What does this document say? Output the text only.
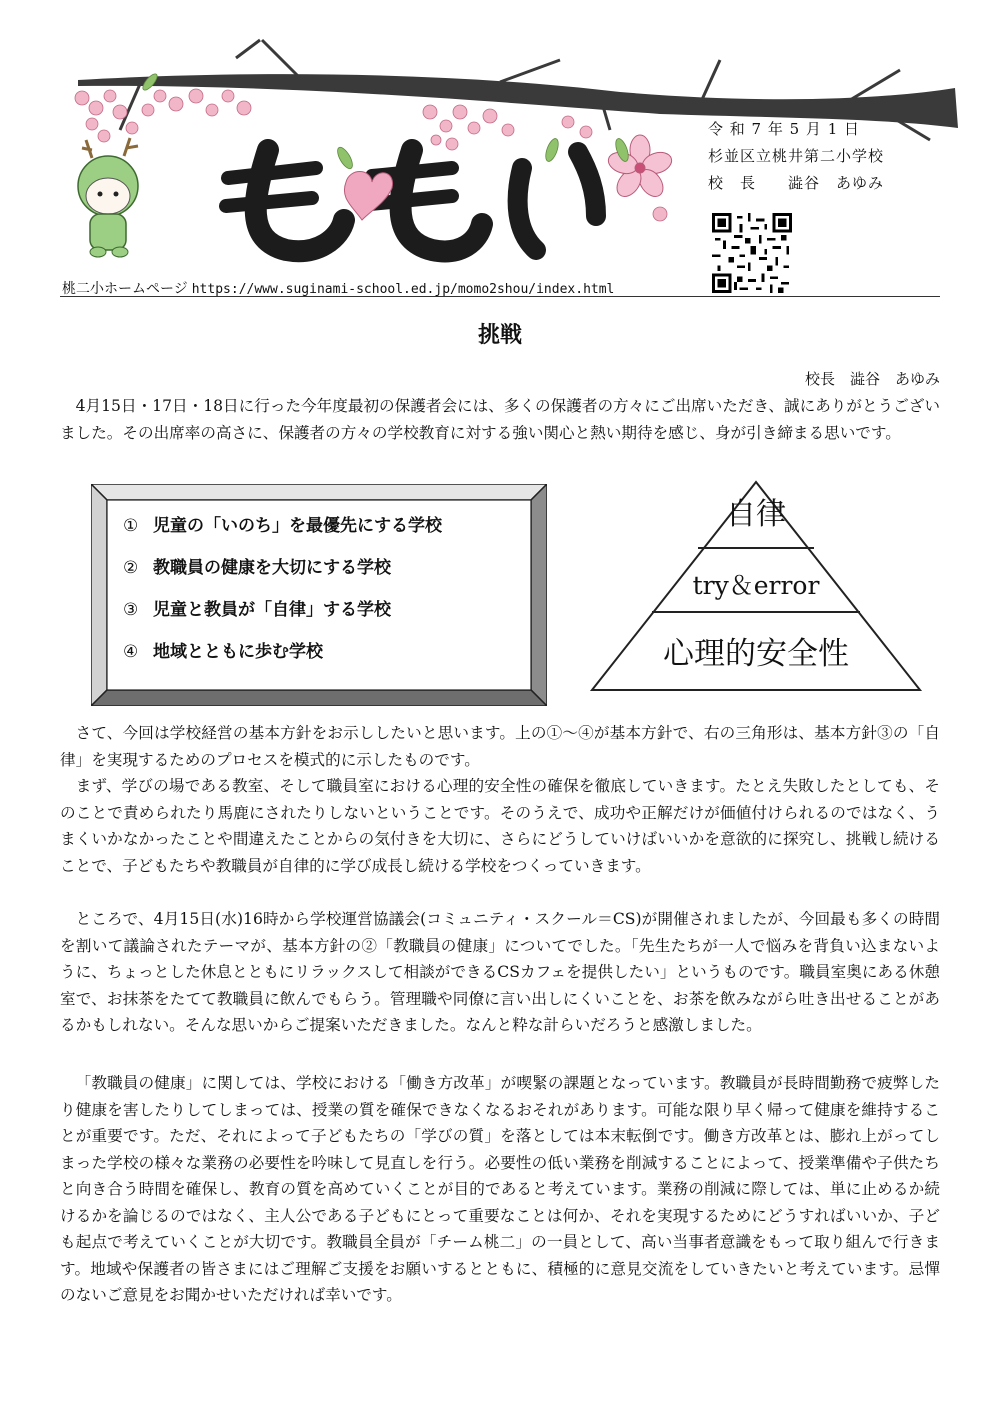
令 和 7 年 5 月 1 日
杉並区立桃井第二小学校
校　長　　澁谷　あゆみ
桃二小ホームページ https://www.suginami-school.ed.jp/momo2shou/index.html
挑戦
校長　澁谷　あゆみ

4月15日・17日・18日に行った今年度最初の保護者会には、多くの保護者の方々にご出席いただき、誠にありがとうございました。その出席率の高さに、保護者の方々の学校教育に対する強い関心と熱い期待を感じ、身が引き締まる思いです。

① 児童の「いのち」を最優先にする学校
② 教職員の健康を大切にする学校
③ 児童と教員が「自律」する学校
④ 地域とともに歩む学校
自律
try＆error
心理的安全性

さて、今回は学校経営の基本方針をお示ししたいと思います。上の①～④が基本方針で、右の三角形は、基本方針③の「自律」を実現するためのプロセスを模式的に示したものです。

まず、学びの場である教室、そして職員室における心理的安全性の確保を徹底していきます。たとえ失敗したとしても、そのことで責められたり馬鹿にされたりしないということです。そのうえで、成功や正解だけが価値付けられるのではなく、うまくいかなかったことや間違えたことからの気付きを大切に、さらにどうしていけばいいかを意欲的に探究し、挑戦し続けることで、子どもたちや教職員が自律的に学び成長し続ける学校をつくっていきます。

ところで、4月15日(水)16時から学校運営協議会(コミュニティ・スクール＝CS)が開催されましたが、今回最も多くの時間を割いて議論されたテーマが、基本方針の②「教職員の健康」についてでした。「先生たちが一人で悩みを背負い込まないように、ちょっとした休息とともにリラックスして相談ができるCSカフェを提供したい」というものです。職員室奥にある休憩室で、お抹茶をたてて教職員に飲んでもらう。管理職や同僚に言い出しにくいことを、お茶を飲みながら吐き出せることがあるかもしれない。そんな思いからご提案いただきました。なんと粋な計らいだろうと感激しました。

「教職員の健康」に関しては、学校における「働き方改革」が喫緊の課題となっています。教職員が長時間勤務で疲弊したり健康を害したりしてしまっては、授業の質を確保できなくなるおそれがあります。可能な限り早く帰って健康を維持することが重要です。ただ、それによって子どもたちの「学びの質」を落としては本末転倒です。働き方改革とは、膨れ上がってしまった学校の様々な業務の必要性を吟味して見直しを行う。必要性の低い業務を削減することによって、授業準備や子供たちと向き合う時間を確保し、教育の質を高めていくことが目的であると考えています。業務の削減に際しては、単に止めるか続けるかを論じるのではなく、主人公である子どもにとって重要なことは何か、それを実現するためにどうすればいいか、子ども起点で考えていくことが大切です。教職員全員が「チーム桃二」の一員として、高い当事者意識をもって取り組んで行きます。地域や保護者の皆さまにはご理解ご支援をお願いするとともに、積極的に意見交流をしていきたいと考えています。忌憚のないご意見をお聞かせいただければ幸いです。
